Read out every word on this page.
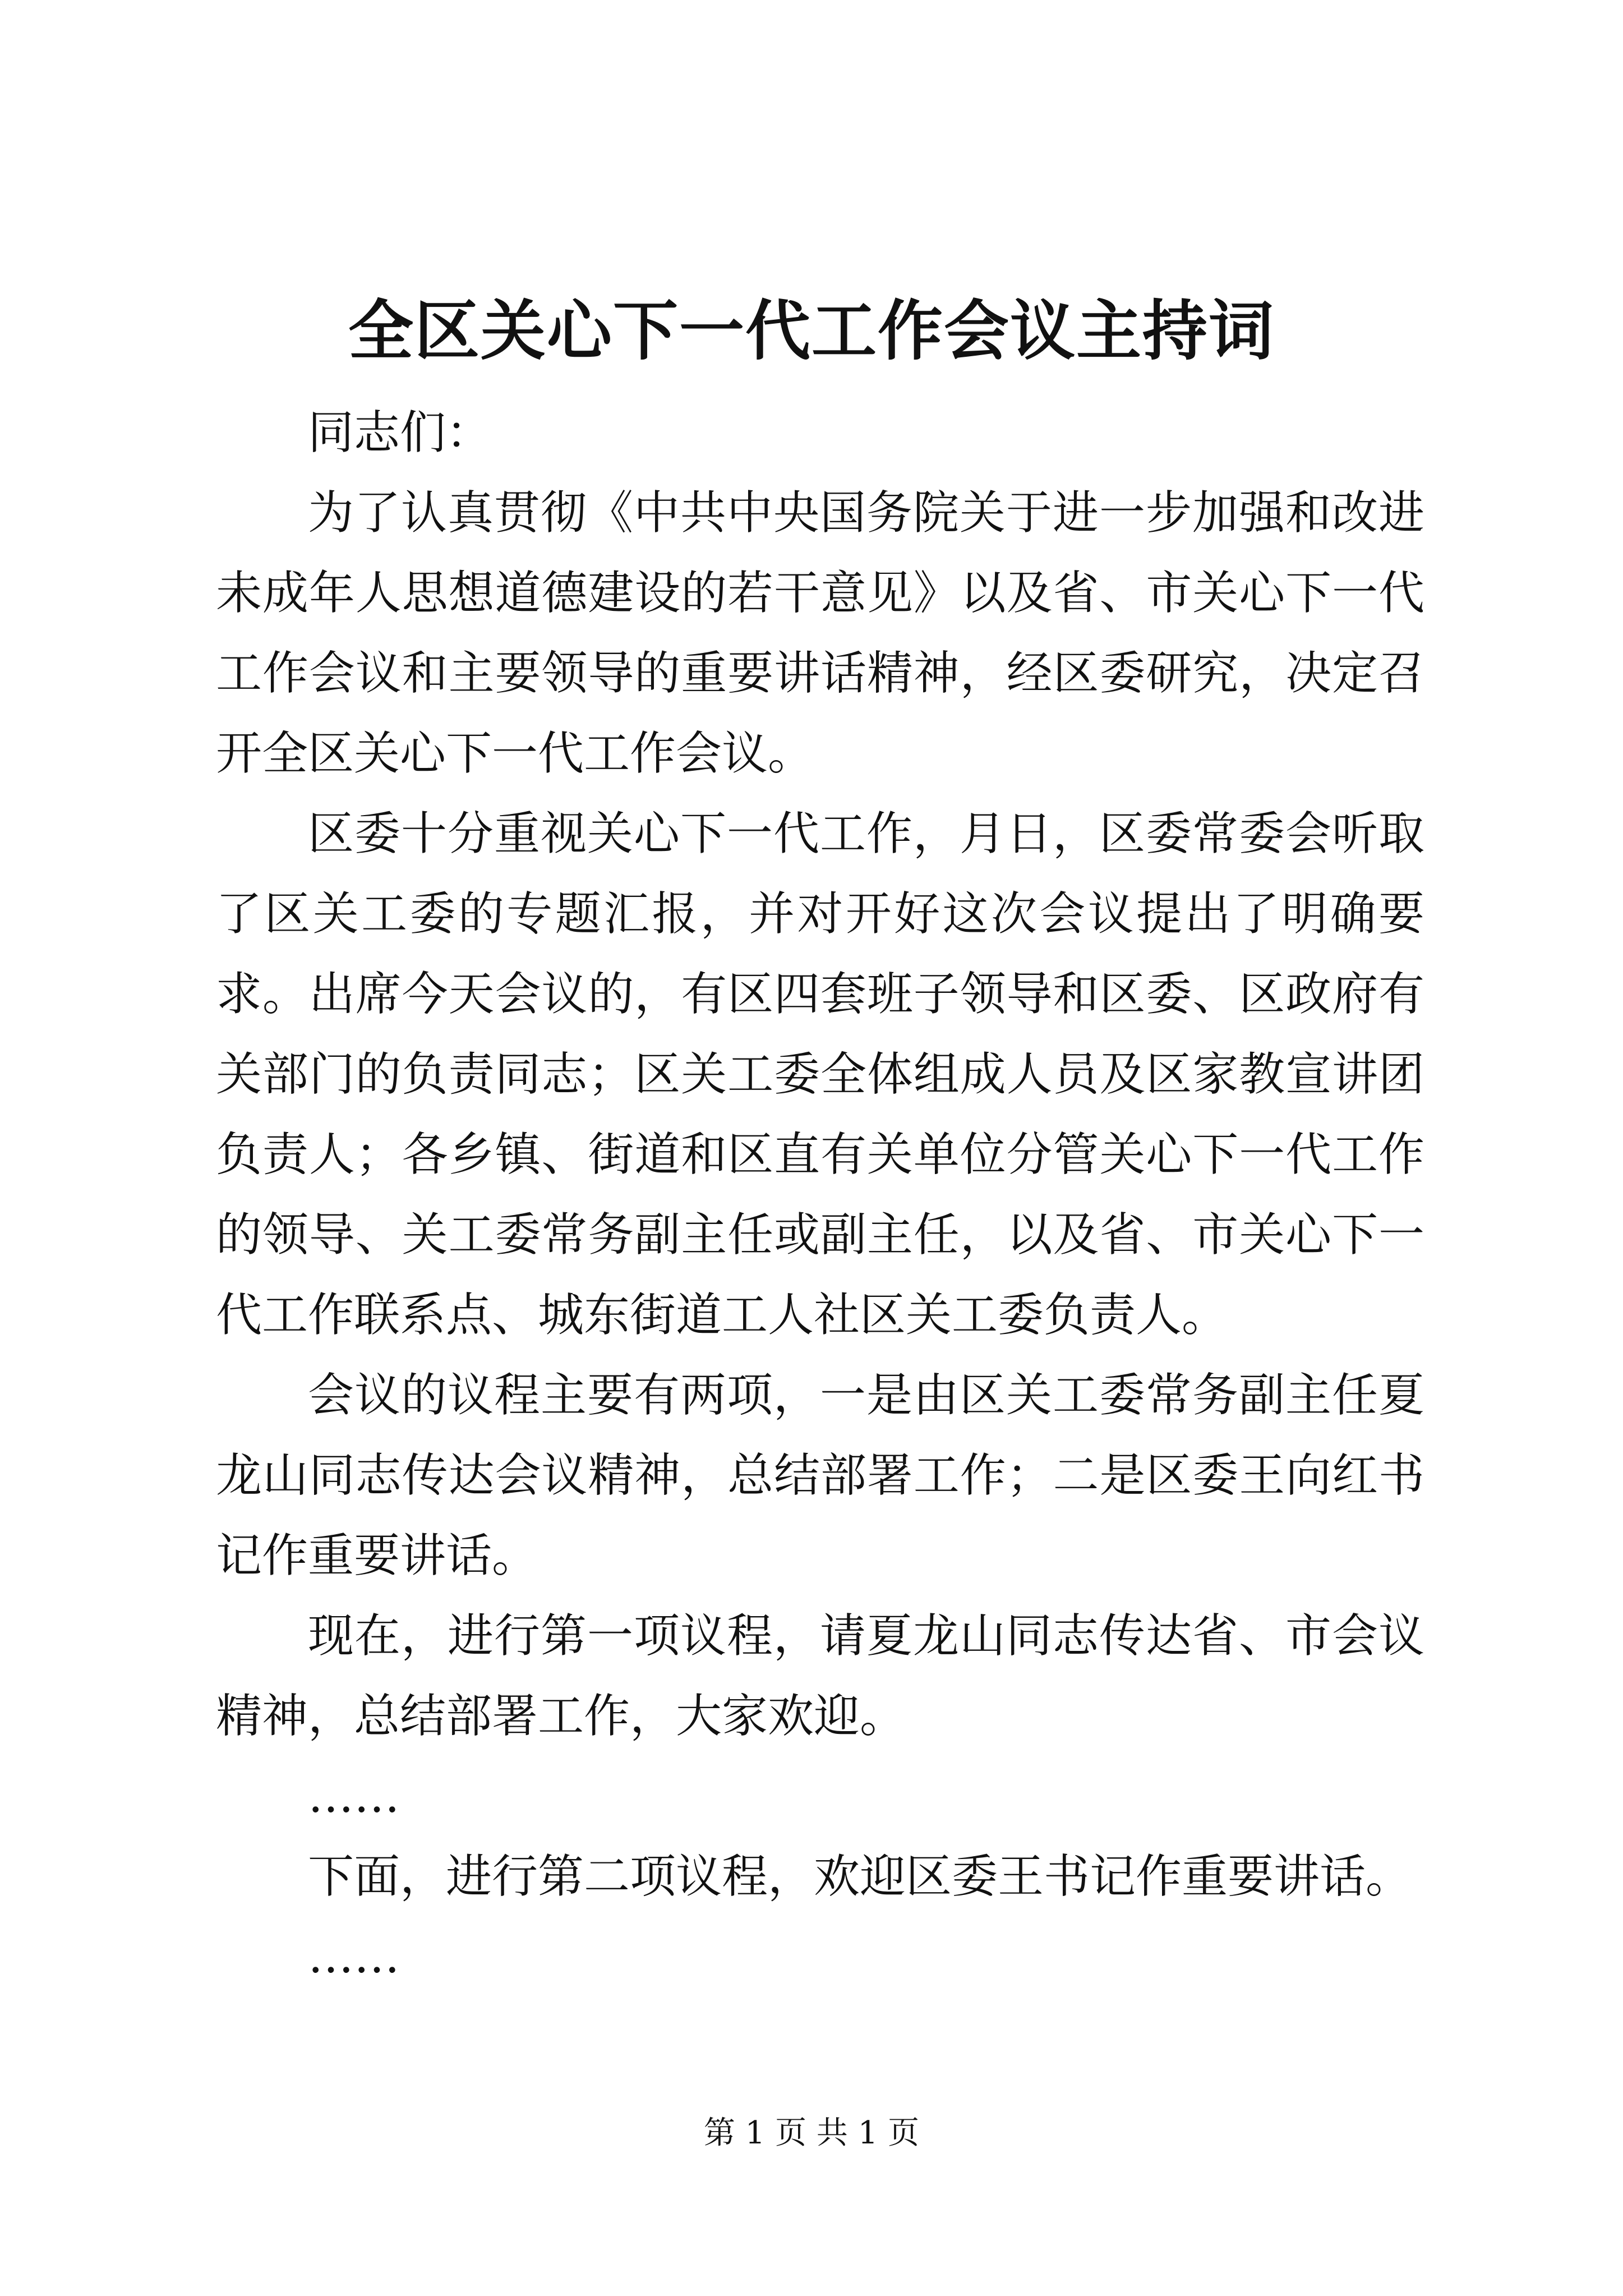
全区关心下一代工作会议主持词

同志们：

为了认真贯彻《中共中央国务院关于进一步加强和改进未成年人思想道德建设的若干意见》以及省、市关心下一代工作会议和主要领导的重要讲话精神，经区委研究，决定召开全区关心下一代工作会议。

区委十分重视关心下一代工作，月日，区委常委会听取了区关工委的专题汇报，并对开好这次会议提出了明确要求。出席今天会议的，有区四套班子领导和区委、区政府有关部门的负责同志；区关工委全体组成人员及区家教宣讲团负责人；各乡镇、街道和区直有关单位分管关心下一代工作的领导、关工委常务副主任或副主任，以及省、市关心下一代工作联系点、城东街道工人社区关工委负责人。

会议的议程主要有两项，一是由区关工委常务副主任夏龙山同志传达会议精神，总结部署工作；二是区委王向红书记作重要讲话。

现在，进行第一项议程，请夏龙山同志传达省、市会议精神，总结部署工作，大家欢迎。

……

下面，进行第二项议程，欢迎区委王书记作重要讲话。

……

第 1 页 共 1 页
